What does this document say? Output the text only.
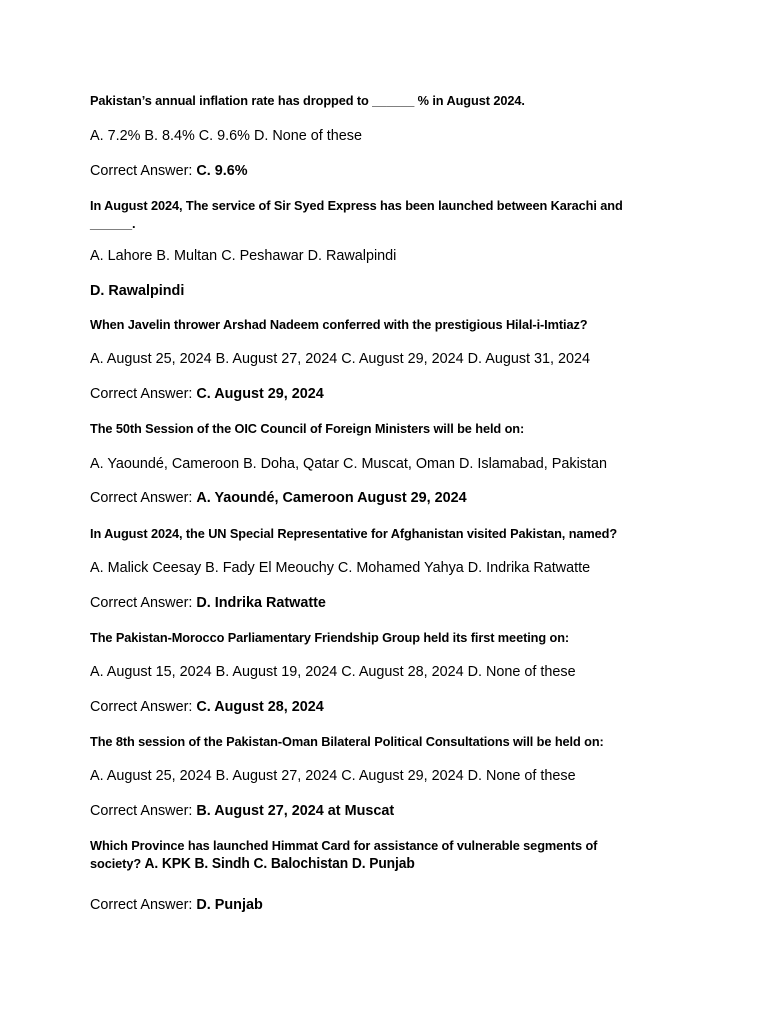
Pakistan’s annual inflation rate has dropped to ______ % in August 2024.
A. 7.2% B. 8.4% C. 9.6% D. None of these
Correct Answer: C. 9.6%
In August 2024, The service of Sir Syed Express has been launched between Karachi and ______.
A. Lahore B. Multan C. Peshawar D. Rawalpindi
D. Rawalpindi
When Javelin thrower Arshad Nadeem conferred with the prestigious Hilal-i-Imtiaz?
A. August 25, 2024 B. August 27, 2024 C. August 29, 2024 D. August 31, 2024
Correct Answer: C. August 29, 2024
The 50th Session of the OIC Council of Foreign Ministers will be held on:
A. Yaoundé, Cameroon B. Doha, Qatar C. Muscat, Oman D. Islamabad, Pakistan
Correct Answer: A. Yaoundé, Cameroon August 29, 2024
In August 2024, the UN Special Representative for Afghanistan visited Pakistan, named?
A. Malick Ceesay B. Fady El Meouchy C. Mohamed Yahya D. Indrika Ratwatte
Correct Answer: D. Indrika Ratwatte
The Pakistan-Morocco Parliamentary Friendship Group held its first meeting on:
A. August 15, 2024 B. August 19, 2024 C. August 28, 2024 D. None of these
Correct Answer: C. August 28, 2024
The 8th session of the Pakistan-Oman Bilateral Political Consultations will be held on:
A. August 25, 2024 B. August 27, 2024 C. August 29, 2024 D. None of these
Correct Answer: B. August 27, 2024 at Muscat
Which Province has launched Himmat Card for assistance of vulnerable segments of society? A. KPK B. Sindh C. Balochistan D. Punjab
Correct Answer: D. Punjab
